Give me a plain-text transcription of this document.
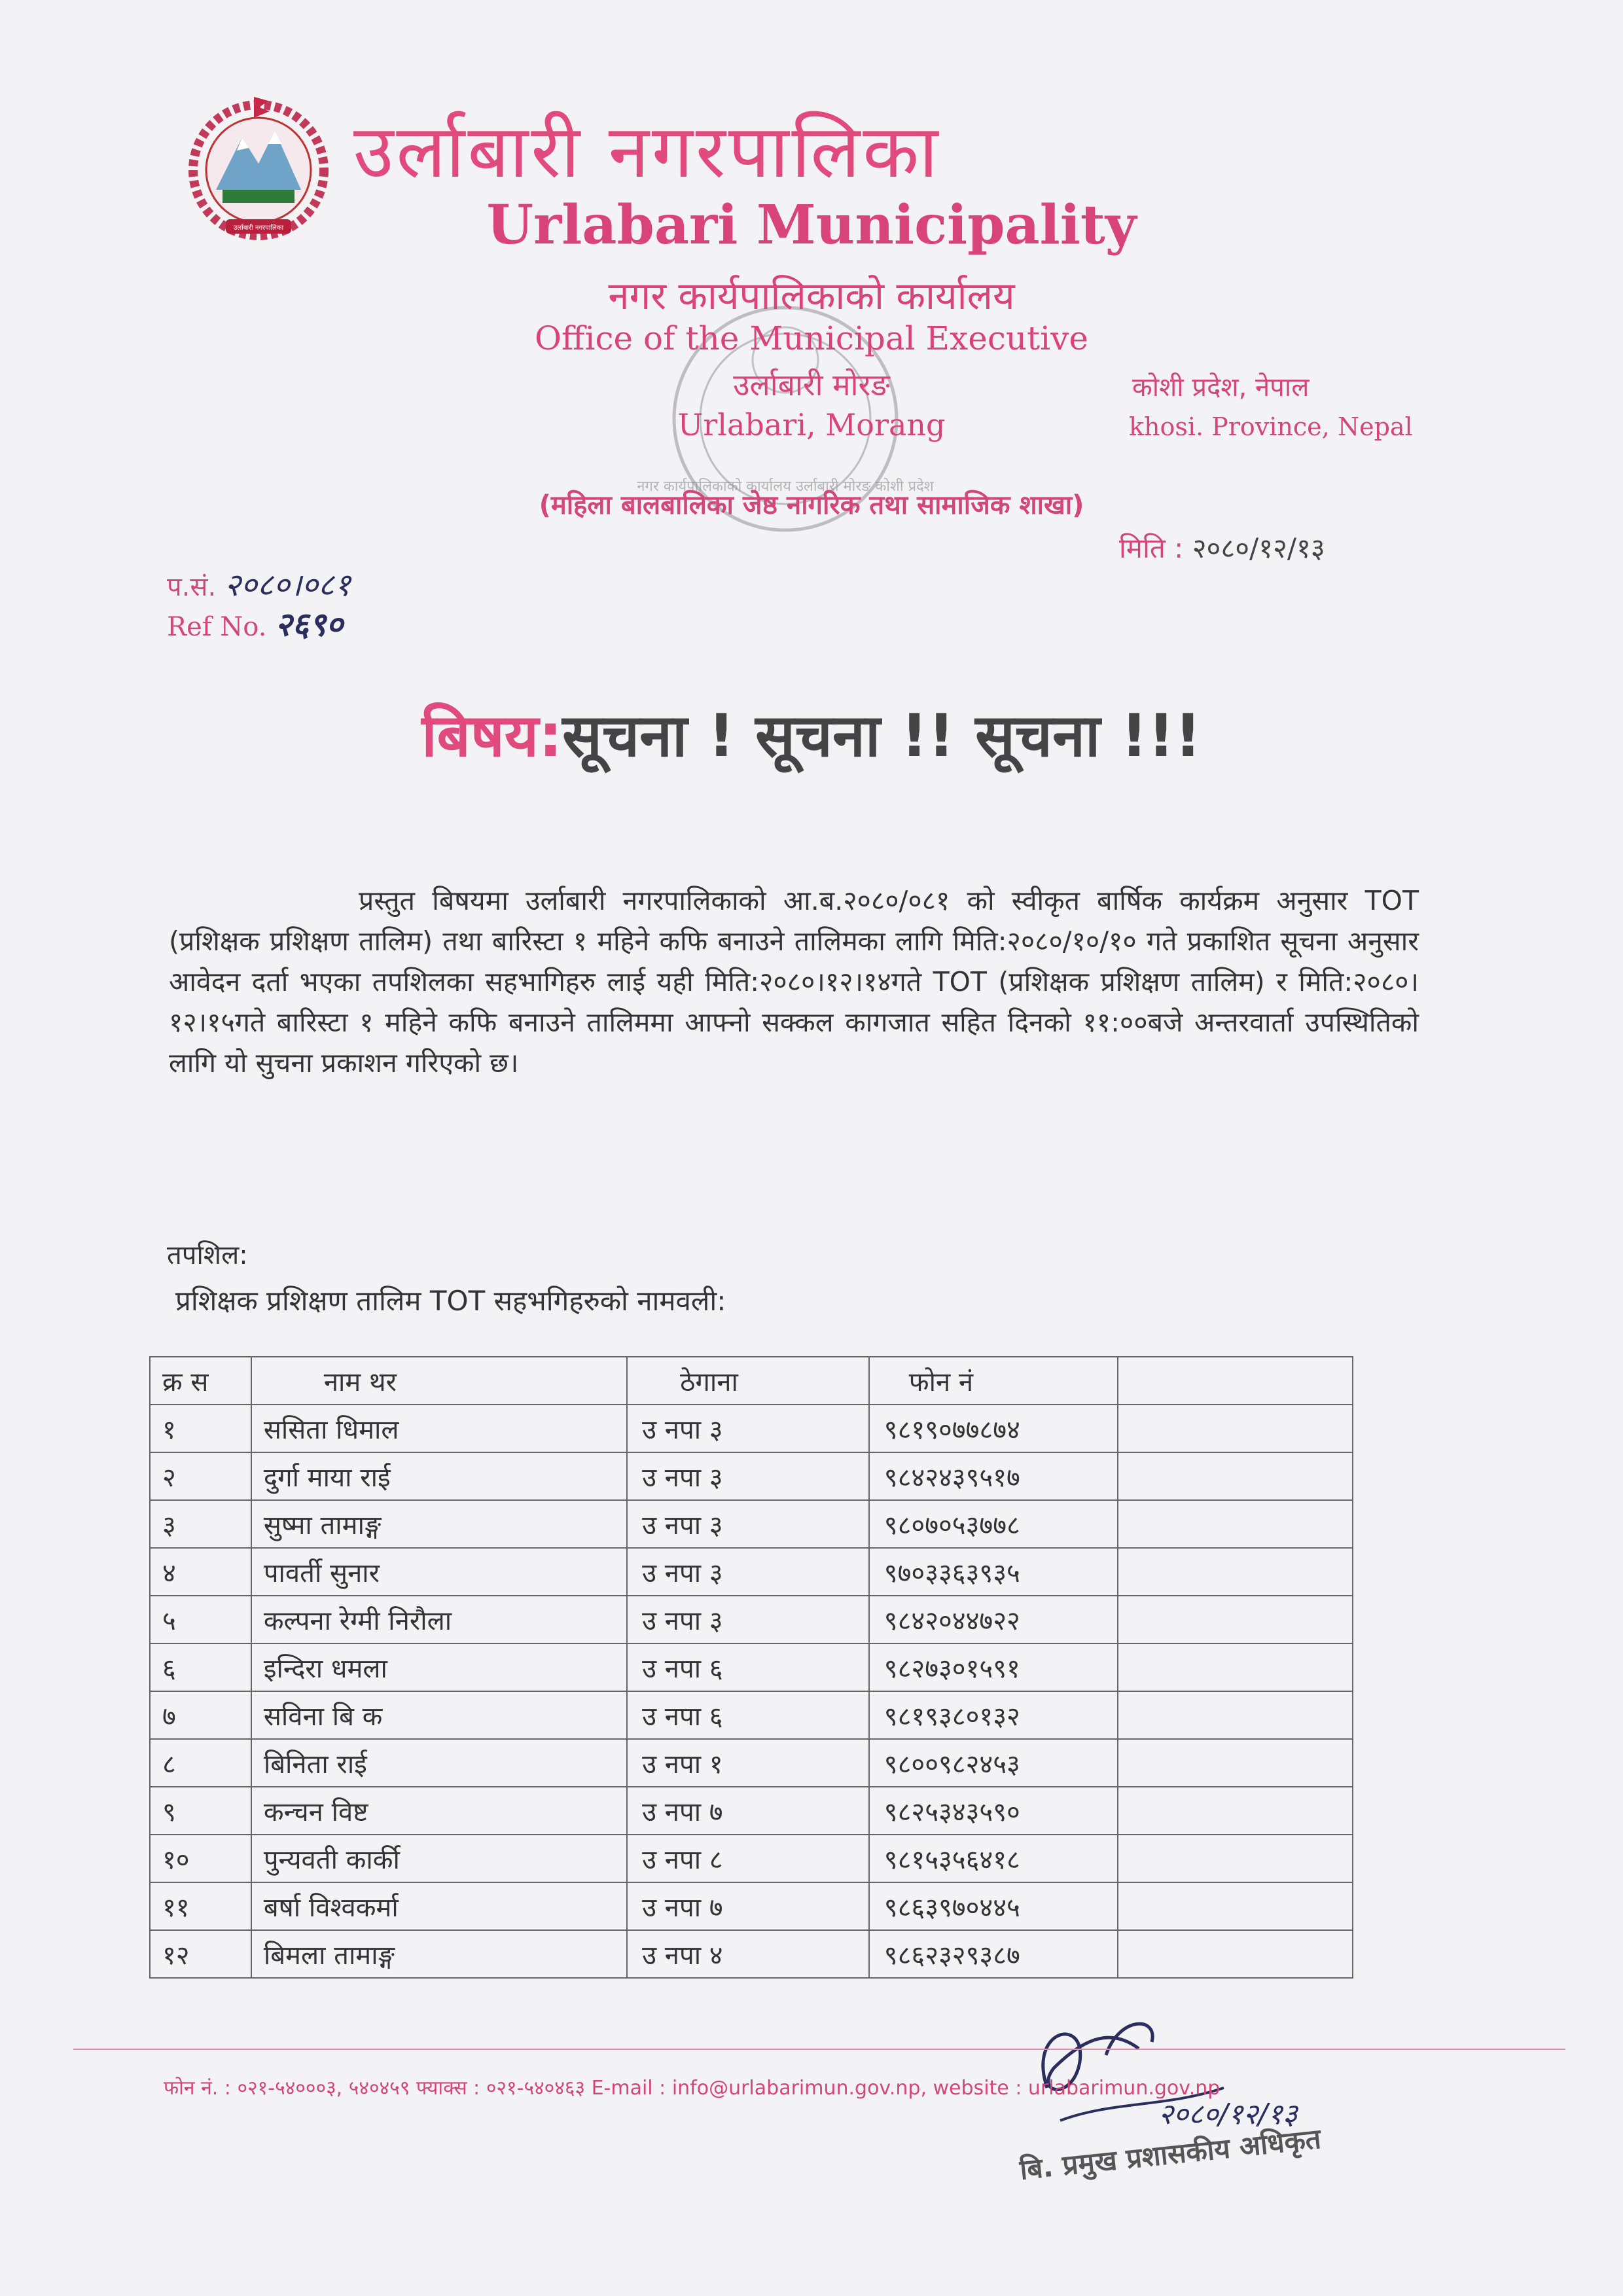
उर्लाबारी नगरपालिका
नगर कार्यपालिकाको कार्यालय उर्लाबारी मोरङ कोशी प्रदेश
उर्लाबारी नगरपालिका
Urlabari Municipality
नगर कार्यपालिकाको कार्यालय
Office of the Municipal Executive
उर्लाबारी मोरङ
Urlabari, Morang
कोशी प्रदेश, नेपाल
khosi. Province, Nepal
(महिला बालबालिका जेष्ठ नागरिक तथा सामाजिक शाखा)
मिति : २०८०/१२/१३
प.सं. २०८०।०८१
Ref No. २६९०
बिषय:सूचना ! सूचना !! सूचना !!!
प्रस्तुत बिषयमा उर्लाबारी नगरपालिकाको आ.ब.२०८०/०८१ को स्वीकृत बार्षिक कार्यक्रम अनुसार TOT (प्रशिक्षक प्रशिक्षण तालिम) तथा बारिस्टा १ महिने कफि बनाउने तालिमका लागि मिति:२०८०/१०/१० गते प्रकाशित सूचना अनुसार आवेदन दर्ता भएका तपशिलका सहभागिहरु लाई यही मिति:२०८०।१२।१४गते TOT (प्रशिक्षक प्रशिक्षण तालिम) र मिति:२०८०।१२।१५गते बारिस्टा १ महिने कफि बनाउने तालिममा आफ्नो सक्कल कागजात सहित दिनको ११:००बजे अन्तरवार्ता उपस्थितिको लागि यो सुचना प्रकाशन गरिएको छ।
तपशिल:
प्रशिक्षक प्रशिक्षण तालिम TOT सहभगिहरुको नामवली:
क्र स	नाम थर	ठेगाना	फोन नं	
१	ससिता धिमाल	उ नपा ३	९८१९०७७८७४	
२	दुर्गा माया राई	उ नपा ३	९८४२४३९५१७	
३	सुष्मा तामाङ्ग	उ नपा ३	९८०७०५३७७८	
४	पावर्ती सुनार	उ नपा ३	९७०३३६३९३५	
५	कल्पना रेग्मी निरौला	उ नपा ३	९८४२०४४७२२	
६	इन्दिरा धमला	उ नपा ६	९८२७३०१५९१	
७	सविना बि क	उ नपा ६	९८१९३८०१३२	
८	बिनिता राई	उ नपा १	९८००९८२४५३	
९	कन्चन विष्ट	उ नपा ७	९८२५३४३५९०	
१०	पुन्यवती कार्की	उ नपा ८	९८१५३५६४१८	
११	बर्षा विश्वकर्मा	उ नपा ७	९८६३९७०४४५	
१२	बिमला तामाङ्ग	उ नपा ४	९८६२३२९३८७	
२०८०/१२/१३
बि. प्रमुख प्रशासकीय अधिकृत
फोन नं. : ०२१-५४०००३, ५४०४५९ फ्याक्स : ०२१-५४०४६३ E-mail : info@urlabarimun.gov.np, website : urlabarimun.gov.np
